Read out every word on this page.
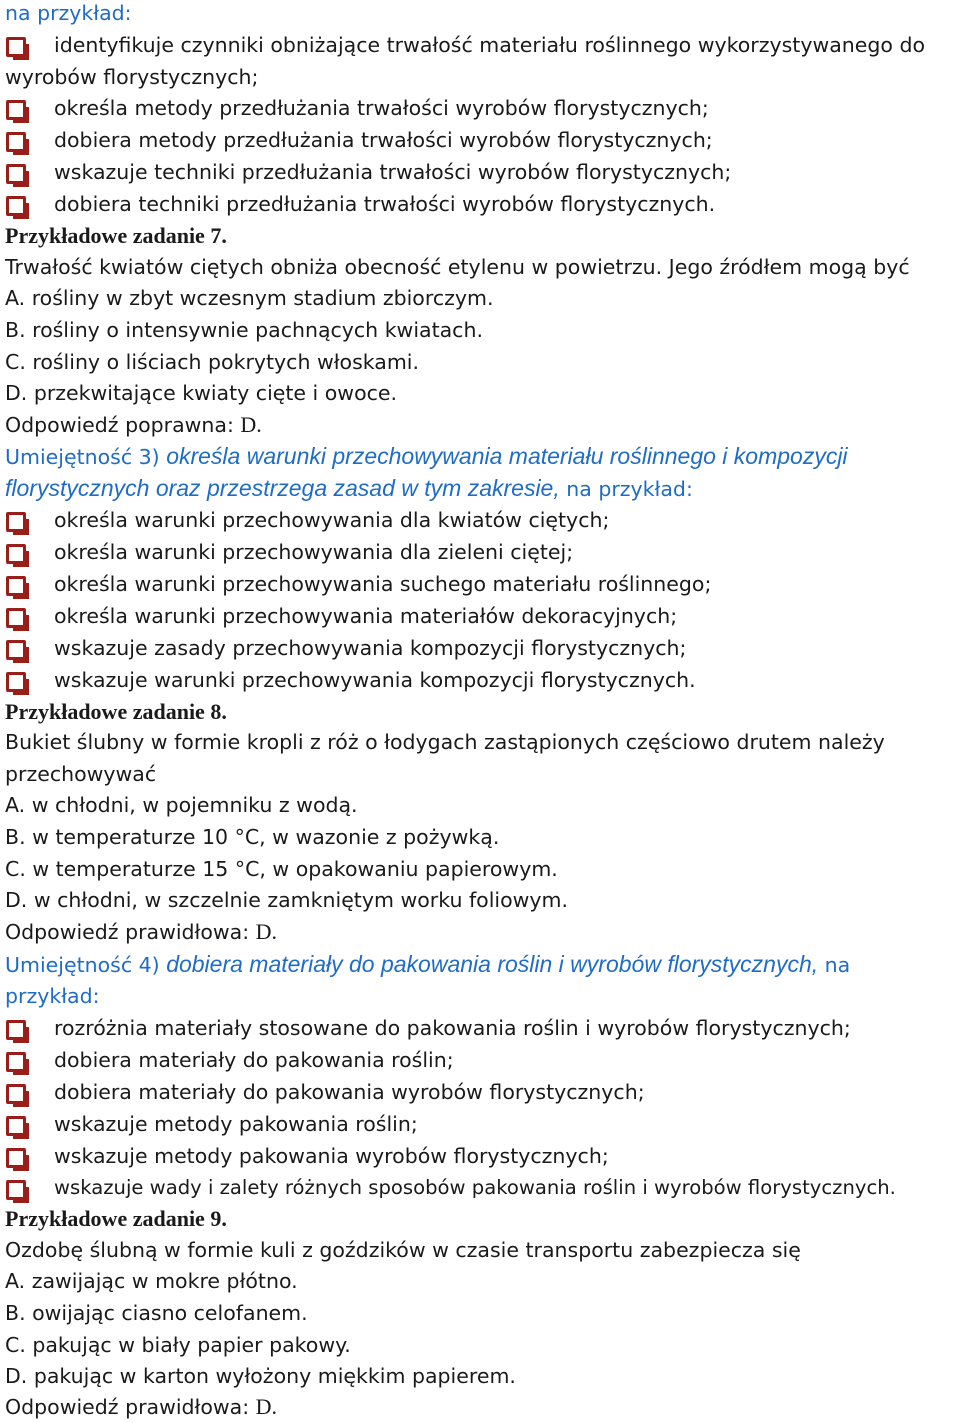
na przykład:
identyfikuje czynniki obniżające trwałość materiału roślinnego wykorzystywanego do
wyrobów florystycznych;
określa metody przedłużania trwałości wyrobów florystycznych;
dobiera metody przedłużania trwałości wyrobów florystycznych;
wskazuje techniki przedłużania trwałości wyrobów florystycznych;
dobiera techniki przedłużania trwałości wyrobów florystycznych.
Przykładowe zadanie 7.
Trwałość kwiatów ciętych obniża obecność etylenu w powietrzu. Jego źródłem mogą być
A. rośliny w zbyt wczesnym stadium zbiorczym.
B. rośliny o intensywnie pachnących kwiatach.
C. rośliny o liściach pokrytych włoskami.
D. przekwitające kwiaty cięte i owoce.
Odpowiedź poprawna: D.
Umiejętność 3) określa warunki przechowywania materiału roślinnego i kompozycji
florystycznych oraz przestrzega zasad w tym zakresie, na przykład:
określa warunki przechowywania dla kwiatów ciętych;
określa warunki przechowywania dla zieleni ciętej;
określa warunki przechowywania suchego materiału roślinnego;
określa warunki przechowywania materiałów dekoracyjnych;
wskazuje zasady przechowywania kompozycji florystycznych;
wskazuje warunki przechowywania kompozycji florystycznych.
Przykładowe zadanie 8.
Bukiet ślubny w formie kropli z róż o łodygach zastąpionych częściowo drutem należy
przechowywać
A. w chłodni, w pojemniku z wodą.
B. w temperaturze 10 °C, w wazonie z pożywką.
C. w temperaturze 15 °C, w opakowaniu papierowym.
D. w chłodni, w szczelnie zamkniętym worku foliowym.
Odpowiedź prawidłowa: D.
Umiejętność 4) dobiera materiały do pakowania roślin i wyrobów florystycznych, na
przykład:
rozróżnia materiały stosowane do pakowania roślin i wyrobów florystycznych;
dobiera materiały do pakowania roślin;
dobiera materiały do pakowania wyrobów florystycznych;
wskazuje metody pakowania roślin;
wskazuje metody pakowania wyrobów florystycznych;
wskazuje wady i zalety różnych sposobów pakowania roślin i wyrobów florystycznych.
Przykładowe zadanie 9.
Ozdobę ślubną w formie kuli z goździków w czasie transportu zabezpiecza się
A. zawijając w mokre płótno.
B. owijając ciasno celofanem.
C. pakując w biały papier pakowy.
D. pakując w karton wyłożony miękkim papierem.
Odpowiedź prawidłowa: D.
